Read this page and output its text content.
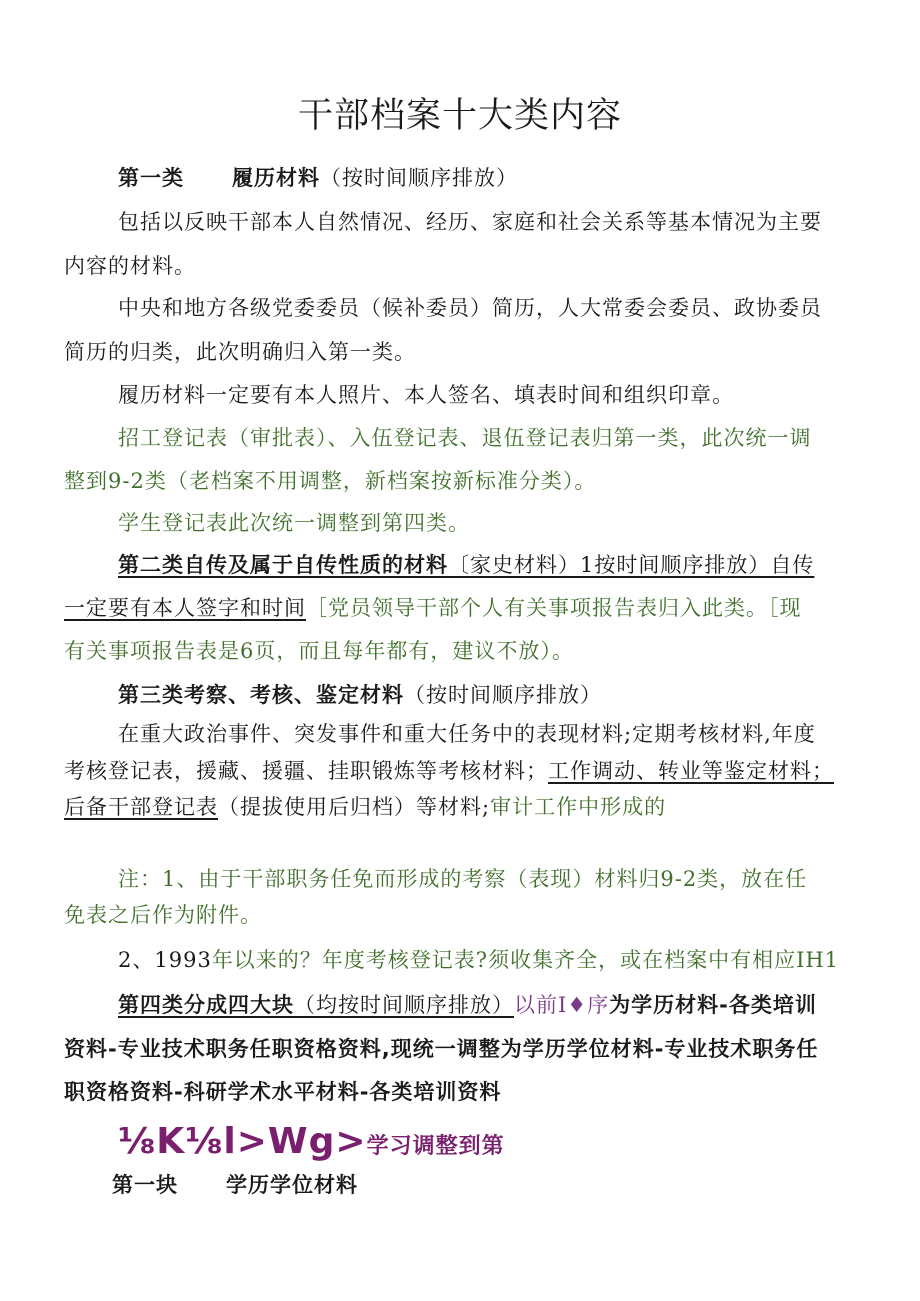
干部档案十大类内容
第一类 履历材料（按时间顺序排放）
包括以反映干部本人自然情况、经历、家庭和社会关系等基本情况为主要
内容的材料。
中央和地方各级党委委员（候补委员）简历，人大常委会委员、政协委员
简历的归类，此次明确归入第一类。
履历材料一定要有本人照片、本人签名、填表时间和组织印章。
招工登记表（审批表）、入伍登记表、退伍登记表归第一类，此次统一调
整到9-2类（老档案不用调整，新档案按新标准分类）。
学生登记表此次统一调整到第四类。
第二类自传及属于自传性质的材料〔家史材料）1按时间顺序排放）自传
一定要有本人签字和时间［党员领导干部个人有关事项报告表归入此类。［现
有关事项报告表是6页，而且每年都有，建议不放）。
第三类考察、考核、鉴定材料（按时间顺序排放）
在重大政治事件、突发事件和重大任务中的表现材料;定期考核材料,年度
考核登记表，援藏、援疆、挂职锻炼等考核材料；工作调动、转业等鉴定材料；
后备干部登记表（提拔使用后归档）等材料;审计工作中形成的
注：1、由于干部职务任免而形成的考察（表现）材料归9-2类，放在任
免表之后作为附件。
2、1993年以来的？年度考核登记表?须收集齐全，或在档案中有相应IH1
第四类分成四大块（均按时间顺序排放）以前I♦序为学历材料-各类培训
资料-专业技术职务任职资格资料,现统一调整为学历学位材料-专业技术职务任
职资格资料-科研学术水平材料-各类培训资料
⅛K⅛l>Wg>学习调整到第
第一块 学历学位材料
